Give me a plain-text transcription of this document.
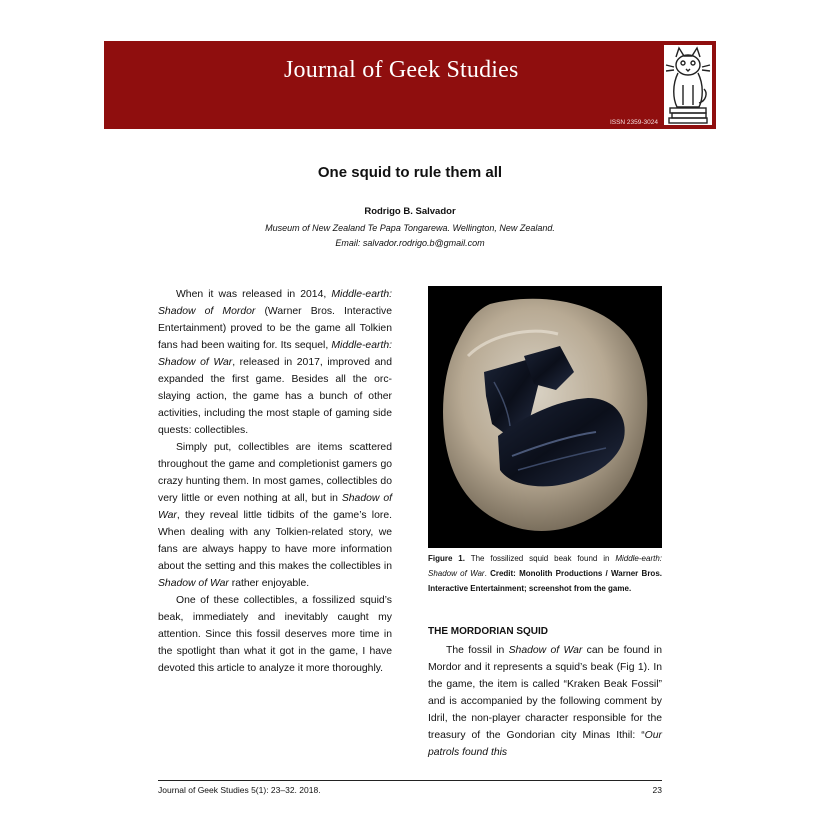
Journal of Geek Studies
ISSN 2359-3024
One squid to rule them all
Rodrigo B. Salvador
Museum of New Zealand Te Papa Tongarewa. Wellington, New Zealand.
Email: salvador.rodrigo.b@gmail.com

When it was released in 2014, Middle-earth: Shadow of Mordor (Warner Bros. Interactive Entertainment) proved to be the game all Tolkien fans had been waiting for. Its sequel, Middle-earth: Shadow of War, released in 2017, improved and expanded the first game. Besides all the orc-slaying action, the game has a bunch of other activities, including the most staple of gaming side quests: collectibles.

Simply put, collectibles are items scattered throughout the game and completionist gamers go crazy hunting them. In most games, collectibles do very little or even nothing at all, but in Shadow of War, they reveal little tidbits of the game’s lore. When dealing with any Tolkien-related story, we fans are always happy to have more information about the setting and this makes the collectibles in Shadow of War rather enjoyable.

One of these collectibles, a fossilized squid’s beak, immediately and inevitably caught my attention. Since this fossil deserves more time in the spotlight than what it got in the game, I have devoted this article to analyze it more thoroughly.

Figure 1. The fossilized squid beak found in Middle-earth: Shadow of War. Credit: Monolith Productions / Warner Bros. Interactive Entertainment; screenshot from the game.
THE MORDORIAN SQUID

The fossil in Shadow of War can be found in Mordor and it represents a squid’s beak (Fig 1). In the game, the item is called “Kraken Beak Fossil” and is accompanied by the following comment by Idril, the non-player character responsible for the treasury of the Gondorian city Minas Ithil: “Our patrols found this

Journal of Geek Studies 5(1): 23–32. 2018.	23
